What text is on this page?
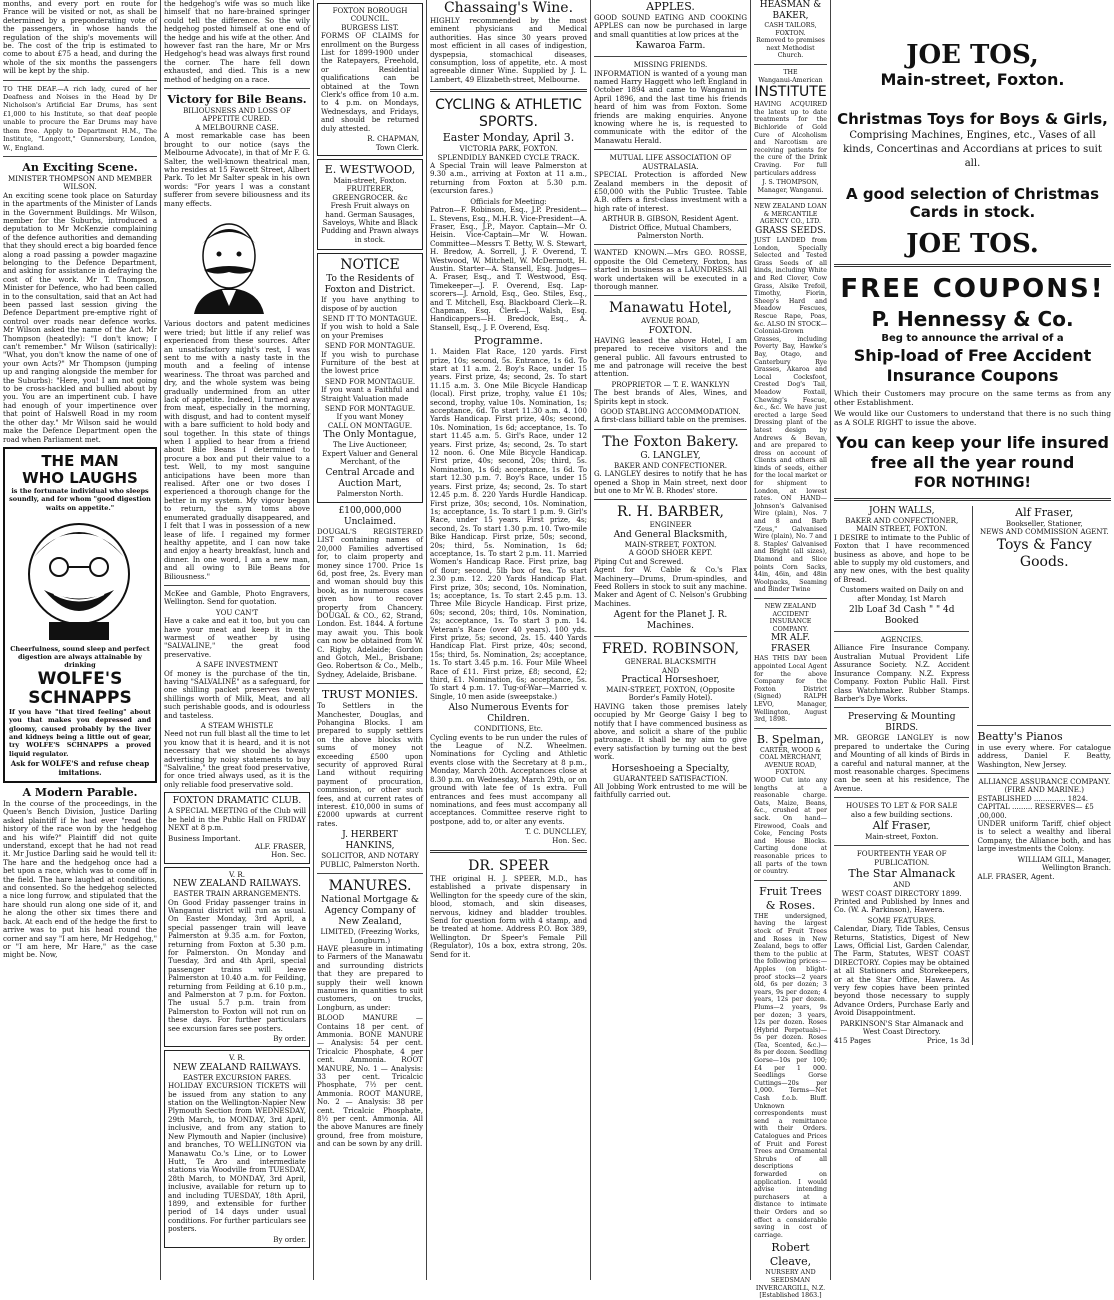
months, and every port en route for France will be visited or not, as shall be determined by a preponderating vote of the passengers, in whose hands the regulation of the ship's movements will be. The cost of the trip is estimated to come to about £75 a head, and during the whole of the six months the passengers will be kept by the ship.

TO THE DEAF.—A rich lady, cured of her Deafness and Noises in the Head by Dr Nicholson's Artificial Ear Drums, has sent £1,000 to his Institute, so that deaf people unable to procure the Ear Drums may have them free. Apply to Department H.M., The Institute, "Longcott," Gunnersbury, London, W., England.

An Exciting Scene.
MINISTER THOMPSON AND MEMBER WILSON.

An exciting scene took place on Saturday in the apartments of the Minister of Lands in the Government Buildings. Mr Wilson, member for the Suburbs, introduced a deputation to Mr McKenzie complaining of the defence authorities and demanding that they should erect a big boarded fence along a road passing a powder magazine belonging to the Defence Department, and asking for assistance in defraying the cost of the work. Mr T. Thompson, Minister for Defence, who had been called in to the consultation, said that an Act had been passed last session giving the Defence Department pre-emptive right of control over roads near defence works. Mr Wilson asked the name of the Act. Mr Thompson (heatedly): "I don't know; I can't remember." Mr Wilson (satirically): "What, you don't know the name of one of your own Acts?" Mr Thompson (jumping up and ranging alongside the member for the Suburbs): "Here, you! I am not going to be cross-hackled and bullied about by you. You are an impertinent cub. I have had enough of your impertinence over that point of Halswell Road in my room the other day." Mr Wilson said he would make the Defence Department open the road when Parliament met.

THE MAN
WHO LAUGHS
is the fortunate individual who sleeps soundly, and for whom "good digestion waits on appetite."
Cheerfulness, sound sleep and perfect digestion are always attainable by drinking
WOLFE'S
SCHNAPPS

If you have "that tired feeling" about you that makes you depressed and gloomy, caused probably by the liver and kidneys being a little out of gear, try WOLFE'S SCHNAPPS a proved liquid regulator.

Ask for WOLFE'S and refuse cheap imitations.
A Modern Parable.

In the course of the proceedings, in the Queen's Bench Division, Justice Darling asked plaintiff if he had ever "read the history of the race won by the hedgehog and his wife?" Plaintiff did not quite understand, except that he had not read it. Mr Justice Darling said he would tell it: The hare and the hedgehog once had a bet upon a race, which was to come off in the field. The hare laughed at conditions, and consented. So the hedgehog selected a nice long furrow, and stipulated that the hare should run along one side of it, and he along the other six times there and back. At each end of the hedge the first to arrive was to put his head round the corner and say "I am here, Mr Hedgehog," or "I am here, Mr Hare," as the case might be. Now,

the hedgehog's wife was so much like himself that no hare-brained springer could tell the difference. So the wily hedgehog posted himself at one end of the hedge and his wife at the other. And however fast ran the hare, Mr or Mrs Hedgehog's head was always first round the corner. The hare fell down exhausted, and died. This is a new method of hedging on a race.

Victory for Bile Beans.
BILIOUSNESS AND LOSS OF APPETITE CURED.
A MELBOURNE CASE.

A most remarkable case has been brought to our notice (says the Melbourne Advocate), in that of Mr F. G. Salter, the well-known theatrical man, who resides at 15 Fawcett Street, Albert Park. To let Mr Salter speak in his own words: "For years I was a constant sufferer from severe biliousness and its many effects.

Various doctors and patent medicines were tried; but little if any relief was experienced from these sources. After an unsatisfactory night's rest, I was sent to me with a nasty taste in the mouth and a feeling of intense weariness. The throat was parched and dry, and the whole system was being gradually undermined from an utter lack of appetite. Indeed, I turned away from meat, especially in the morning, with disgust, and had to content myself with a bare sufficient to hold body and soul together. In this state of things when I applied to hear from a friend about Bile Beans I determined to procure a box and put their value to a test. Well, to my most sanguine anticipations have been more than realised. After one or two doses I experienced a thorough change for the better in my system. My vigour began to return, the sym toms above enumerated gradually disappeared, and I felt that I was in possession of a new lease of life. I regained my former healthy appetite, and I can now take and enjoy a hearty breakfast, lunch and dinner. In one word, I am a new man, and all owing to Bile Beans for Biliousness."

McKee and Gamble, Photo Engravers, Wellington. Send for quotation.

YOU CAN'T

Have a cake and eat it too, but you can have your meat and keep it in the warmest of weather by using "SALVALINE," the great food preservative.

A SAFE INVESTMENT

Of money is the purchase of the tin, having "SALVALINE" as a safeguard, for one shilling packet preserves twenty shillings worth of Milk, Meat, and all such perishable goods, and is odourless and tasteless.

A STEAM WHISTLE

Need not run full blast all the time to let you know that it is heard, and it is not necessary that we should be always advertising by noisy statements to buy "Salvaline," the great food preservative, for once tried always used, as it is the only reliable food preservative sold.

FOXTON DRAMATIC CLUB.

A SPECIAL MEETING of the Club will be held in the Public Hall on FRIDAY NEXT at 8 p.m.

Business Important.
ALF. FRASER,
Hon. Sec.
V. R.
NEW ZEALAND RAILWAYS.
EASTER TRAIN ARRANGEMENTS.

On Good Friday passenger trains in Wanganui district will run as usual. On Easter Monday, 3rd April, a special passenger train will leave Palmerston at 9.35 a.m. for Foxton, returning from Foxton at 5.30 p.m. for Palmerston. On Monday and Tuesday, 3rd and 4th April, special passenger trains will leave Palmerston at 10.40 a.m. for Feilding, returning from Feilding at 6.10 p.m., and Palmerston at 7 p.m. for Foxton. The usual 5.7 p.m. train from Palmerston to Foxton will not run on these days. For further particulars see excursion fares see posters.

By order.
V. R.
NEW ZEALAND RAILWAYS.
EASTER EXCURSION FARES.

HOLIDAY EXCURSION TICKETS will be issued from any station to any station on the Wellington-Napier New Plymouth Section from WEDNESDAY, 29th March, to MONDAY, 3rd April, inclusive, and from any station to New Plymouth and Napier (inclusive) and branches, TO WELLINGTON via Manawatu Co.'s Line, or to Lower Hutt, Te Aro and intermediate stations via Woodville from TUESDAY, 28th March, to MONDAY, 3rd April, inclusive, available for return up to and including TUESDAY, 18th April, 1899, and extensible for further period of 14 days under usual conditions. For further particulars see posters.

By order.
FOXTON BOROUGH COUNCIL.
BURGESS LIST.

FORMS OF CLAIMS for enrollment on the Burgess List for 1899-1900 under the Ratepayers, Freehold, or Residential qualifications can be obtained at the Town Clerk's office from 10 a.m. to 4 p.m. on Mondays, Wednesdays, and Fridays, and should be returned duly attested.

R. CHAPMAN,
Town Clerk.
E. WESTWOOD,
Main-street, Foxton.
FRUITERER, GREENGROCER. &c

Fresh Fruit always on hand. German Sausages, Saveloys, White and Black Pudding and Prawn always in stock.

NOTICE
To the Residents of Foxton and District.

If you have anything to dispose of by auction

SEND IT TO MONTAGUE.

If you wish to hold a Sale on your Premises

SEND FOR MONTAGUE.

If you wish to purchase Furniture of the best at the lowest price

SEND FOR MONTAGUE.

If you want a Faithful and Straight Valuation made

SEND FOR MONTAGUE.
If you want Money
CALL ON MONTAGUE.
The Only Montague,

The Live Auctioneer, Expert Valuer and General Merchant, of the

Central Arcade and Auction Mart,
Palmerston North.
£100,000,000 Unclaimed.

DOUGAL'S REGISTERED LIST containing names of 20,000 Families advertised for, to claim property and money since 1700. Price 1s 6d, post free, 2s. Every man and woman should buy this book, as in numerous cases given how to recover property from Chancery. DOUGAL & CO., 62, Strand, London. Est. 1844. A fortune may await you. This book can now be obtained from W. C. Rigby, Adelaide; Gordon and Gotch, Mel., Brisbane; Geo. Robertson & Co., Melb., Sydney, Adelaide, Brisbane.

TRUST MONIES.

To Settlers in the Manchester, Douglas, and Pohangina Blocks. I am prepared to supply settlers on the above blocks with sums of money not exceeding £500 upon security of approved Rural Land without requiring payment of procuration, commission, or other such fees, and at current rates of interest. £10,000 in sums of £2000 upwards at current rates.

J. HERBERT HANKINS,
SOLICITOR, AND NOTARY PUBLIC, Palmerston North.
MANURES.
National Mortgage & Agency Company of New Zealand,
LIMITED, (Freezing Works, Longburn.)

HAVE pleasure in intimating to Farmers of the Manawatu and surrounding districts that they are prepared to supply their well known manures in quantities to suit customers, on trucks, Longburn, as under:

BLOOD MANURE — Contains 18 per cent. of Ammonia. BONE MANURE — Analysis: 54 per cent. Tricalcic Phosphate, 4 per cent. Ammonia. ROOT MANURE, No. 1 — Analysis: 33 per cent. Tricalcic Phosphate, 7½ per cent. Ammonia. ROOT MANURE, No. 2 — Analysis: 38 per cent. Tricalcic Phosphate, 8½ per cent. Ammonia. All the above Manures are finely ground, free from moisture, and can be sown by any drill.

Chassaing's Wine.

HIGHLY recommended by the most eminent physicians and Medical authorities. Has since 30 years proved most efficient in all cases of indigestion, dyspepsia, stomachical diseases, consumption, loss of appetite, etc. A most agreeable dinner Wine. Supplied by J. L. Lambert, 49 Elizabeth-street, Melbourne.

CYCLING & ATHLETIC SPORTS.
Easter Monday, April 3.
VICTORIA PARK, FOXTON.
SPLENDIDLY BANKED CYCLE TRACK.

A Special Train will leave Palmerston at 9.30 a.m., arriving at Foxton at 11 a.m., returning from Foxton at 5.30 p.m. (excursion fares.)

Officials for Meeting:

Patron—F. Robinson, Esq., J.P. President—L. Stevens, Esq., M.H.R. Vice-President—A. Fraser, Esq., J.P., Mayor. Captain—Mr O. Heisin. Vice-Captain—Mr W. Howan. Committee—Messrs T. Betty, W. S. Stewart, H. Bredow, A. Sorrell, J. F. Overend, T. Westwood, W. Mitchell, W. McDermott, H. Austin. Starter—A. Stansell, Esq. Judges—A. Fraser, Esq., and T. Westwood, Esq. Timekeeper—J. F. Overend, Esq. Lap-scorers—J. Arnold, Esq., Geo. Stiles, Esq., and T. Mitchell, Esq. Blackboard Clerk—R. Chapman, Esq. Clerk—J. Walsh, Esq. Handicappers—H. Bredock, Esq., A. Stansell, Esq., J. F. Overend, Esq.

Programme.

1. Maiden Flat Race, 120 yards. First prize, 10s; second, 5s. Entrance, 1s 6d. To start at 11 a.m. 2. Boy's Race, under 15 years. First prize, 4s; second, 2s. To start 11.15 a.m. 3. One Mile Bicycle Handicap (local). First prize, trophy, value £1 10s; second, trophy, value 10s. Nomination, 1s; acceptance, 6d. To start 11.30 a.m. 4. 100 Yards Handicap. First prize, 40s; second, 10s. Nomination, 1s 6d; acceptance, 1s. To start 11.45 a.m. 5. Girl's Race, under 12 years. First prize, 4s; second, 2s. To start 12 noon. 6. One Mile Bicycle Handicap. First prize, 40s; second, 20s; third, 5s. Nomination, 1s 6d; acceptance, 1s 6d. To start 12.30 p.m. 7. Boy's Race, under 15 years. First prize, 4s; second, 2s. To start 12.45 p.m. 8. 220 Yards Hurdle Handicap. First prize, 30s; second, 10s. Nomination, 1s; acceptance, 1s. To start 1 p.m. 9. Girl's Race, under 15 years. First prize, 4s; second, 2s. To start 1.30 p.m. 10. Two-mile Bike Handicap. First prize, 50s; second, 20s; third, 5s. Nomination, 1s 6d; acceptance, 1s. To start 2 p.m. 11. Married Women's Handicap Race. First prize, bag of flour; second, 5lb box of tea. To start 2.30 p.m. 12. 220 Yards Handicap Flat. First prize, 30s; second, 10s. Nomination, 1s; acceptance, 1s. To start 2.45 p.m. 13. Three Mile Bicycle Handicap. First prize, 60s; second, 20s; third, 10s. Nomination, 2s; acceptance, 1s. To start 3 p.m. 14. Veteran's Race (over 40 years). 100 yds. First prize, 5s; second, 2s. 15. 440 Yards Handicap Flat. First prize, 40s; second, 15s; third, 5s. Nomination, 2s; acceptance, 1s. To start 3.45 p.m. 16. Four Mile Wheel Race of £11. First prize, £8; second, £2; third, £1. Nomination, 6s; acceptance, 5s. To start 4 p.m. 17. Tug-of-War—Married v. Single, 10 men aside (sweepstake.)

Also Numerous Events for Children.
CONDITIONS, Etc.

Cycling events to be run under the rules of the League of N.Z. Wheelmen. Nominations for Cycling and Athletic events close with the Secretary at 8 p.m., Monday, March 20th. Acceptances close at 8.30 p.m. on Wednesday, March 29th, or on ground with late fee of 1s extra. Full entrances and fees must accompany all nominations, and fees must accompany all acceptances. Committee reserve right to postpone, add to, or alter any events.

T. C. DUNCLLEY,
Hon. Sec.
DR. SPEER

THE original H. J. SPEER, M.D., has established a private dispensary in Wellington for the speedy cure of the skin, blood, stomach, and skin diseases, nervous, kidney and bladder troubles. Send for question form with 4 stamp, and be treated at home. Address P.O. Box 389, Wellington. Dr Speer's Female Pill (Regulator), 10s a box, extra strong, 20s. Send for it.

APPLES.

GOOD SOUND EATING AND COOKING APPLES can now be purchased in large and small quantities at low prices at the

Kawaroa Farm.
MISSING FRIENDS.

INFORMATION is wanted of a young man named Harry Haggett who left England in October 1894 and came to Wanganui in April 1896, and the last time his friends heard of him was from Foxton. Some friends are making enquiries. Anyone knowing where he is, is requested to communicate with the editor of the Manawatu Herald.

MUTUAL LIFE ASSOCIATION OF AUSTRALASIA.

SPECIAL Protection is afforded New Zealand members in the deposit of £50,000 with the Public Trustee. Table A.B. offers a first-class investment with a high rate of interest.

ARTHUR B. GIBSON, Resident Agent.
District Office, Mutual Chambers, Palmerston North.

WANTED KNOWN.—Mrs GEO. ROSSE, opposite the Old Cemetery, Foxton, has started in business as a LAUNDRESS. All work undertaken will be executed in a thorough manner.

Manawatu Hotel,
AVENUE ROAD,
FOXTON.

HAVING leased the above Hotel, I am prepared to receive visitors and the general public. All favours entrusted to me and patronage will receive the best attention.

PROPRIETOR — T. E. WANKLYN

The best brands of Ales, Wines, and Spirits kept in stock.

GOOD STABLING ACCOMMODATION.
A first-class billiard table on the premises.
The Foxton Bakery.
G. LANGLEY,
BAKER AND CONFECTIONER.

G. LANGLEY desires to notify that he has opened a Shop in Main street, next door but one to Mr W. B. Rhodes' store.

R. H. BARBER,
ENGINEER
And General Blacksmith,
MAIN-STREET, FOXTON.
A GOOD SHOER KEPT.
Piping Cut and Screwed.

Agent for W. Cable & Co.'s Flax Machinery—Drums, Drum-spindles, and Feed Rollers in stock to suit any machine. Maker and Agent of C. Nelson's Grubbing Machines.

Agent for the Planet J. R. Machines.
FRED. ROBINSON,
GENERAL BLACKSMITH
AND
Practical Horseshoer,
MAIN-STREET, FOXTON, (Opposite Border's Family Hotel).

HAVING taken those premises lately occupied by Mr George Gaisy I beg to notify that I have commenced business as above, and solicit a share of the public patronage. It shall be my aim to give every satisfaction by turning out the best work.

Horseshoeing a Specialty,
GUARANTEED SATISFACTION.

All Jobbing Work entrusted to me will be faithfully carried out.

HEASMAN & BAKER,
CASH TAILORS,
FOXTON.

Removed to premises next Methodist Church.

THE
Wanganui-American
INSTITUTE

HAVING ACQUIRED the latest up to date treatments for the Bichloride of Gold Cure of Alcoholism and Narcotism are receiving patients for the cure of the Drink Craving. For full particulars address

J. S. THOMPSON, Manager, Wanganui.
NEW ZEALAND LOAN & MERCANTILE AGENCY CO., LTD.
GRASS SEEDS.

JUST LANDED from London, Specially Selected and Tested Grass Seeds of all kinds, including White and Red Clover, Cow Grass, Alsike Trefoil, Timothy, Fiorin, Sheep's Hard and Meadow Fescues, Rescue Rape, Poas, &c. ALSO IN STOCK—Colonial-Grown Grasses, including Poverty Bay, Hawke's Bay, Otago, and Canterbury Rye Grasses, Akaroa and Local Cocksfoot, Crested Dog's Tail, Meadow Foxtail, Chewing's Fescue, &c., &c. We have just erected a large Seed Dressing plant of the latest design by Andrews & Bevan, and are prepared to dress on account of Clients and others all kinds of seeds, either for the local market or for shipment to London, at lowest rates. ON HAND—Johnson's Galvanised Wire (plain), Nos. 7 and 8 and Barb "Zeus," Galvanised Wire (plain), No. 7 and 8. Staples' Galvanised and Bright (all sizes), Diamond and Slice points Corn Sacks, 44in, 46in, and 48in Woolpacks, Seaming and Binder Twine

NEW ZEALAND ACCIDENT INSURANCE COMPANY.
MR ALF. FRASER

HAS THIS DAY been appointed Local Agent for the above Company for the Foxton District (Signed) RALPH LEVO, Manager, Wellington, August 3rd, 1898.

B. Spelman,
CARTER, WOOD & COAL MERCHANT,
AVENUE ROAD, FOXTON.

WOOD Cut into any lengths at a reasonable charge. Oats, Maize, Beans, &c., crushed at per sack. On hand—Firewood, Coals and Coke, Fencing Posts and House Blocks. Carting done at reasonable prices to all parts of the town or country.

Fruit Trees & Roses.

THE undersigned, having the largest stock of Fruit Trees and Roses in New Zealand, begs to offer them to the public at the following prices:— Apples (on blight-proof stocks—2 years old, 6s per dozen; 3 years, 9s per dozen; 4 years, 12s per dozen. Plums—2 years, 9s per dozen; 3 years, 12s per dozen. Roses (Hybrid Perpetuals)—5s per dozen. Roses (Tea, Scented, &c.)—8s per dozen. Seedling Gorse—10s per 100; £4 per 1 000. Seedlings Gorse Cuttings—20s per 1,000. Terms—Net Cash f.o.b. Bluff. Unknown correspondents must send a remittance with their Orders. Catalogues and Prices of Fruit and Forest Trees and Ornamental Shrubs of all descriptions forwarded on application. I would advise intending purchasers at a distance to intimate their Orders and so effect a considerable saving in cost of carriage.

Robert Cleave,
NURSERY AND SEEDSMAN
INVERCARGILL, N.Z.
[Established 1863.]
JOE TOS,
Main-street, Foxton.
Christmas Toys for Boys & Girls,
Comprising Machines, Engines, etc., Vases of all kinds, Concertinas and Accordians at prices to suit all.
A good selection of Christmas Cards in stock.
JOE TOS.
FREE COUPONS!
P. Hennessy & Co.
Beg to announce the arrival of a
Ship-load of Free Accident Insurance Coupons

Which their Customers may procure on the same terms as from any other Establishment.

We would like our Customers to understand that there is no such thing as A SOLE RIGHT to issue the above.

You can keep your life insured free all the year round
FOR NOTHING!
JOHN WALLS,
BAKER AND CONFECTIONER,
MAIN STREET, FOXTON.

I DESIRE to intimate to the Public of Foxton that I have recommenced business as above, and hope to be able to supply my old customers, and any new ones, with the best quality of Bread.

Customers waited on Daily on and after Monday, 1st March

2lb Loaf 3d Cash " " 4d Booked
AGENCIES.

Alliance Fire Insurance Company. Australian Mutual Provident Life Assurance Society. N.Z. Accident Insurance Company. N.Z. Express Company. Foxton Public Hall. First class Watchmaker. Rubber Stamps. Barber's Dye Works.

Preserving & Mounting BIRDS.

MR. GEORGE LANGLEY is now prepared to undertake the Curing and Mounting of all kinds of Birds in a careful and natural manner, at the most reasonable charges. Specimens can be seen at his residence, The Avenue.

HOUSES TO LET & FOR SALE
also a few building sections.
Alf Fraser,
Main-street, Foxton.
FOURTEENTH YEAR OF PUBLICATION.
The Star Almanack
AND
WEST COAST DIRECTORY 1899.

Printed and Published by Innes and Co. (W. A. Parkinson), Hawera.

SOME FEATURES.

Calendar, Diary, Tide Tables, Census Returns, Statistics, Digest of New Laws, Official List, Garden Calendar, The Farm, Statutes, WEST COAST DIRECTORY. Copies may be obtained at all Stationers and Storekeepers, or at the Star Office, Hawera. As very few copies have been printed beyond those necessary to supply Advance Orders, Purchase Early and Avoid Disappointment.

PARKINSON'S Star Almanack and West Coast Directory.
415 Pages	Price, 1s 3d
Alf Fraser,
Bookseller, Stationer,
NEWS AND COMMISSION AGENT.
Toys & Fancy Goods.
Beatty's Pianos

in use every where. For catalogue address, Daniel F. Beatty, Washington, New Jersey.

ALLIANCE ASSURANCE COMPANY.
(FIRE AND MARINE.)
ESTABLISHED .............. 1824.
CAPITAL ......... RESERVES— £5 ,00,000.

UNDER uniform Tariff, chief object is to select a wealthy and liberal Company, the Alliance both, and has large investments the Colony.

WILLIAM GILL, Manager, Wellington Branch.
ALF. FRASER, Agent.
